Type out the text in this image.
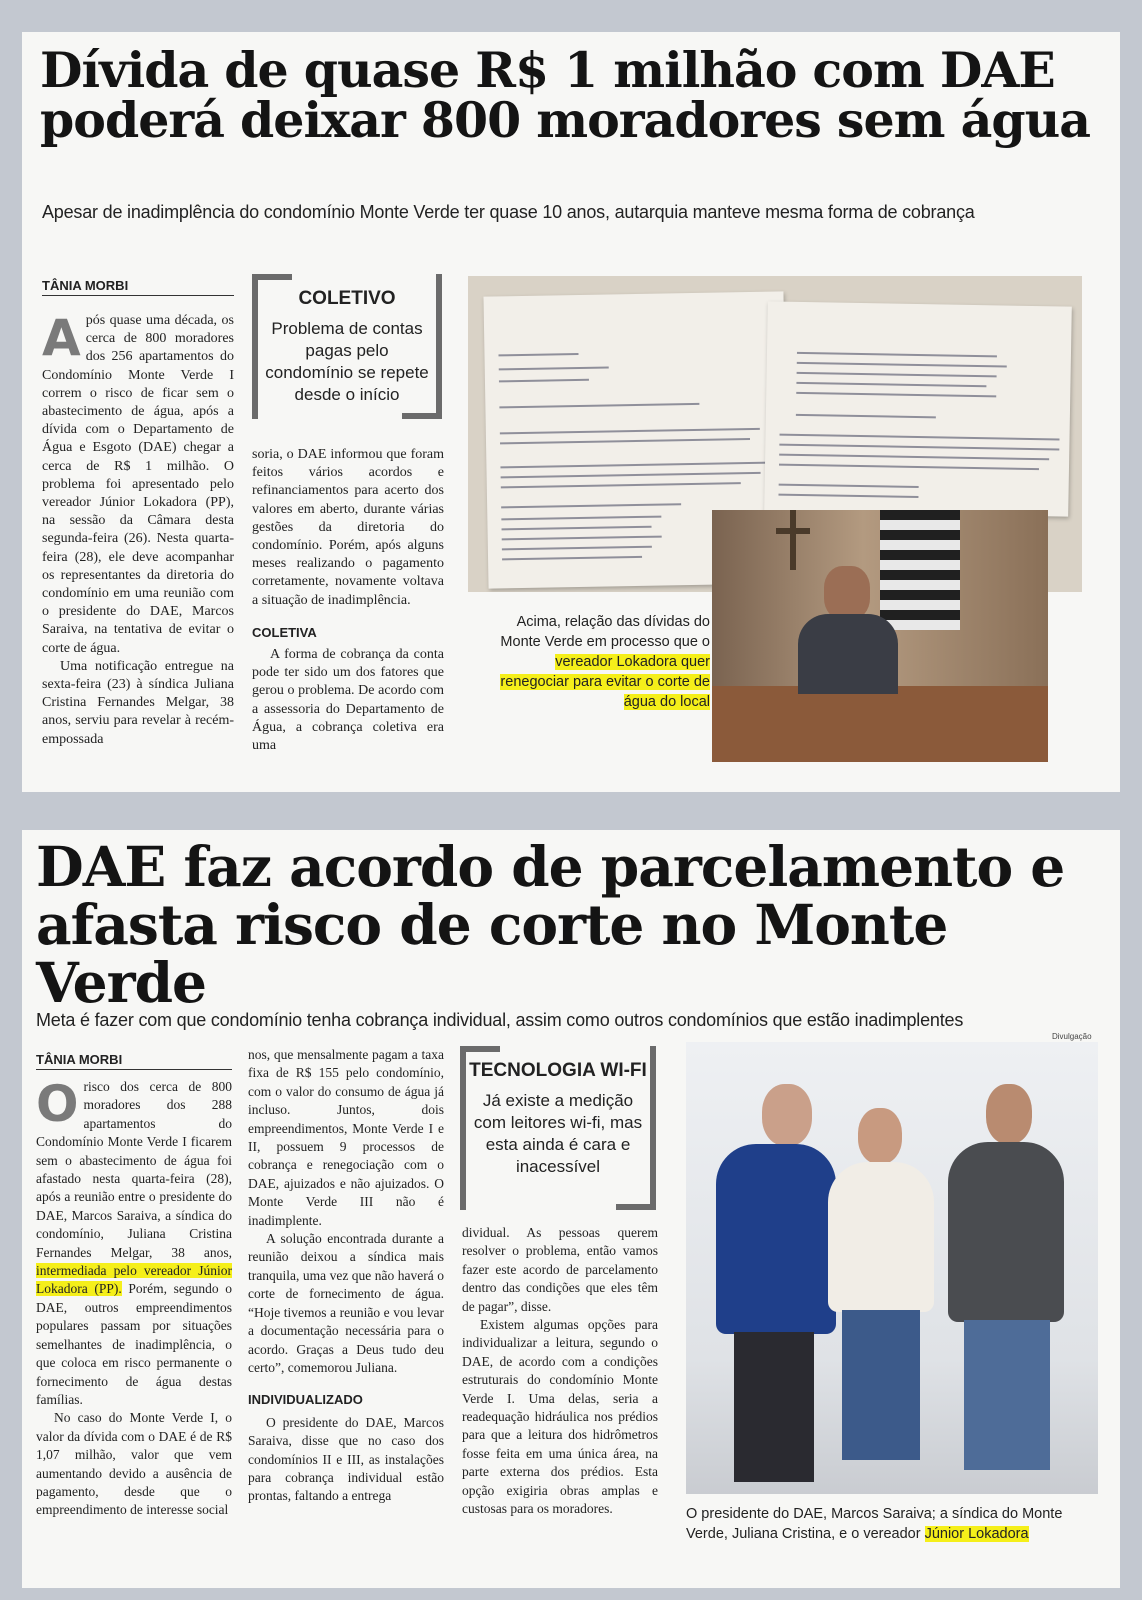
Dívida de quase R$ 1 milhão com DAE poderá deixar 800 moradores sem água
Apesar de inadimplência do condomínio Monte Verde ter quase 10 anos, autarquia manteve mesma forma de cobrança
TÂNIA MORBI

Após quase uma década, os cerca de 800 moradores dos 256 apartamentos do Condomínio Monte Verde I correm o risco de ficar sem o abastecimento de água, após a dívida com o Departamento de Água e Esgoto (DAE) chegar a cerca de R$ 1 milhão. O problema foi apresentado pelo vereador Júnior Lokadora (PP), na sessão da Câmara desta segunda-feira (26). Nesta quarta-feira (28), ele deve acompanhar os representantes da diretoria do condomínio em uma reunião com o presidente do DAE, Marcos Saraiva, na tentativa de evitar o corte de água.

Uma notificação entregue na sexta-feira (23) à síndica Juliana Cristina Fernandes Melgar, 38 anos, serviu para revelar à recém-empossada

COLETIVO
Problema de contas pagas pelo condomínio se repete desde o início

soria, o DAE informou que foram feitos vários acordos e refinanciamentos para acerto dos valores em aberto, durante várias gestões da diretoria do condomínio. Porém, após alguns meses realizando o pagamento corretamente, novamente voltava a situação de inadimplência.

COLETIVA

A forma de cobrança da conta pode ter sido um dos fatores que gerou o problema. De acordo com a assessoria do Departamento de Água, a cobrança coletiva era uma

Acima, relação das dívidas do Monte Verde em processo que o vereador Lokadora quer renegociar para evitar o corte de água do local
DAE faz acordo de parcelamento e afasta risco de corte no Monte Verde
Meta é fazer com que condomínio tenha cobrança individual, assim como outros condomínios que estão inadimplentes
Divulgação
TÂNIA MORBI

Orisco dos cerca de 800 moradores dos 288 apartamentos do Condomínio Monte Verde I ficarem sem o abastecimento de água foi afastado nesta quarta-feira (28), após a reunião entre o presidente do DAE, Marcos Saraiva, a síndica do condomínio, Juliana Cristina Fernandes Melgar, 38 anos, intermediada pelo vereador Júnior Lokadora (PP). Porém, segundo o DAE, outros empreendimentos populares passam por situações semelhantes de inadimplência, o que coloca em risco permanente o fornecimento de água destas famílias.

No caso do Monte Verde I, o valor da dívida com o DAE é de R$ 1,07 milhão, valor que vem aumentando devido a ausência de pagamento, desde que o empreendimento de interesse social

nos, que mensalmente pagam a taxa fixa de R$ 155 pelo condomínio, com o valor do consumo de água já incluso. Juntos, dois empreendimentos, Monte Verde I e II, possuem 9 processos de cobrança e renegociação com o DAE, ajuizados e não ajuizados. O Monte Verde III não é inadimplente.

A solução encontrada durante a reunião deixou a síndica mais tranquila, uma vez que não haverá o corte de fornecimento de água. “Hoje tivemos a reunião e vou levar a documentação necessária para o acordo. Graças a Deus tudo deu certo”, comemorou Juliana.

INDIVIDUALIZADO

O presidente do DAE, Marcos Saraiva, disse que no caso dos condomínios II e III, as instalações para cobrança individual estão prontas, faltando a entrega

TECNOLOGIA WI-FI
Já existe a medição com leitores wi-fi, mas esta ainda é cara e inacessível

dividual. As pessoas querem resolver o problema, então vamos fazer este acordo de parcelamento dentro das condições que eles têm de pagar”, disse.

Existem algumas opções para individualizar a leitura, segundo o DAE, de acordo com a condições estruturais do condomínio Monte Verde I. Uma delas, seria a readequação hidráulica nos prédios para que a leitura dos hidrômetros fosse feita em uma única área, na parte externa dos prédios. Esta opção exigiria obras amplas e custosas para os moradores.	O presidente do DAE, Marcos Saraiva; a síndica do Monte Verde, Juliana Cristina, e o vereador Júnior Lokadora
